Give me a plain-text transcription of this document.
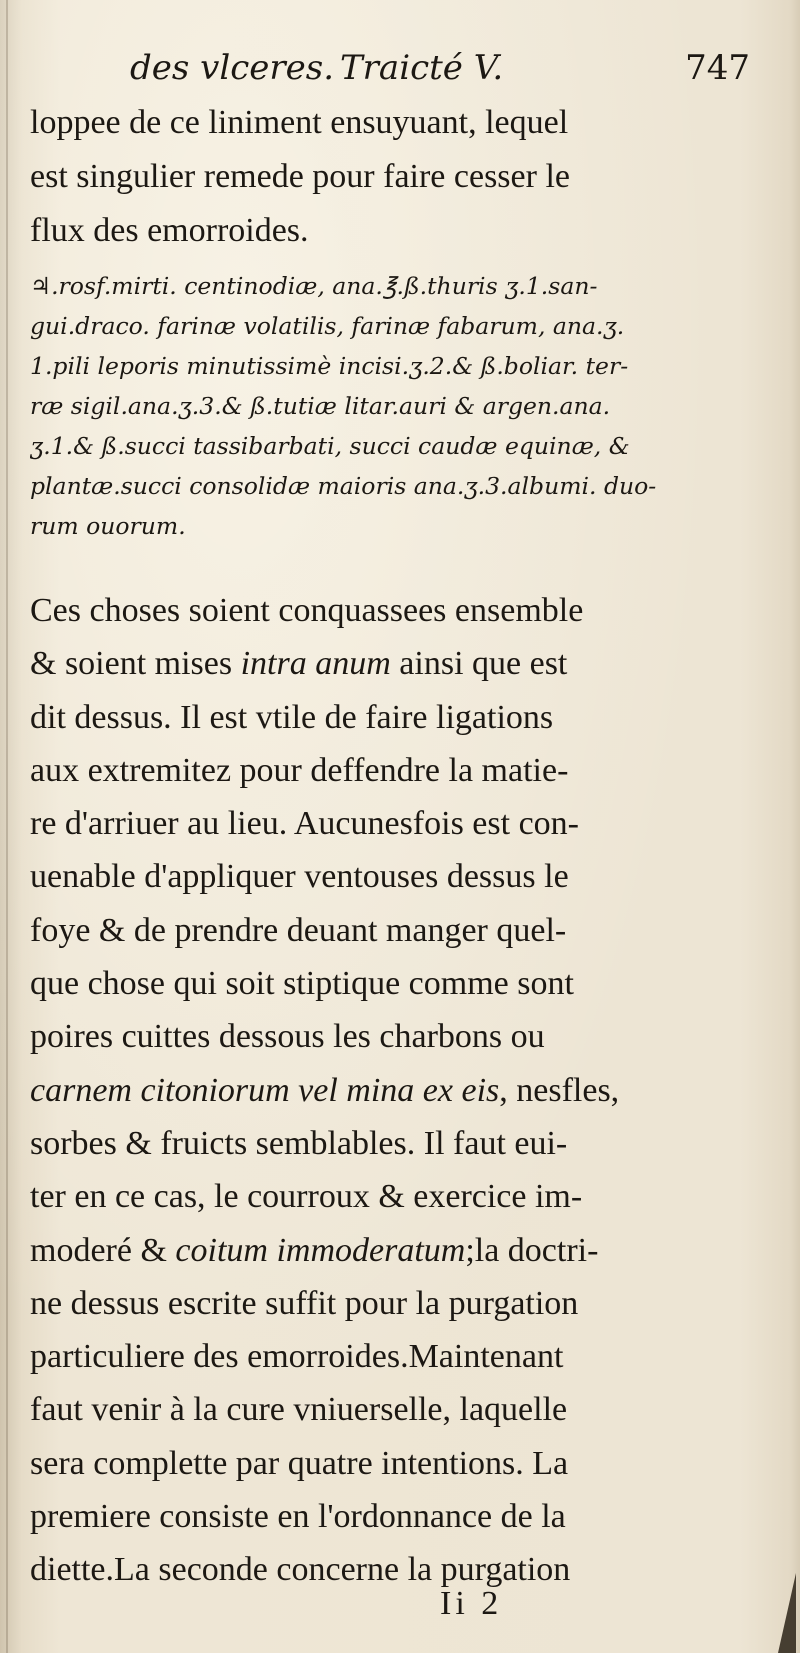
des vlceres. Traicté V.	747
loppee de ce liniment ensuyuant, lequel
est singulier remede pour faire cesser le
flux des emorroides.
♃.rosf.mirti. centinodiæ, ana.℥.ß.thuris ʒ.1.san-
gui.draco. farinæ volatilis, farinæ fabarum, ana.ʒ.
1.pili leporis minutissimè incisi.ʒ.2.& ß.boliar. ter-
ræ sigil.ana.ʒ.3.& ß.tutiæ litar.auri & argen.ana.
ʒ.1.& ß.succi tassibarbati, succi caudæ equinæ, &
plantæ.succi consolidæ maioris ana.ʒ.3.albumi. duo-
rum ouorum.
Ces choses soient conquassees ensemble
& soient mises intra anum ainsi que est
dit dessus. Il est vtile de faire ligations
aux extremitez pour deffendre la matie-
re d'arriuer au lieu. Aucunesfois est con-
uenable d'appliquer ventouses dessus le
foye & de prendre deuant manger quel-
que chose qui soit stiptique comme sont
poires cuittes dessous les charbons ou
carnem citoniorum vel mina ex eis, nesfles,
sorbes & fruicts semblables. Il faut eui-
ter en ce cas, le courroux & exercice im-
moderé & coitum immoderatum;la doctri-
ne dessus escrite suffit pour la purgation
particuliere des emorroides.Maintenant
faut venir à la cure vniuerselle, laquelle
sera complette par quatre intentions. La
premiere consiste en l'ordonnance de la
diette.La seconde concerne la purgation
Ii 2
